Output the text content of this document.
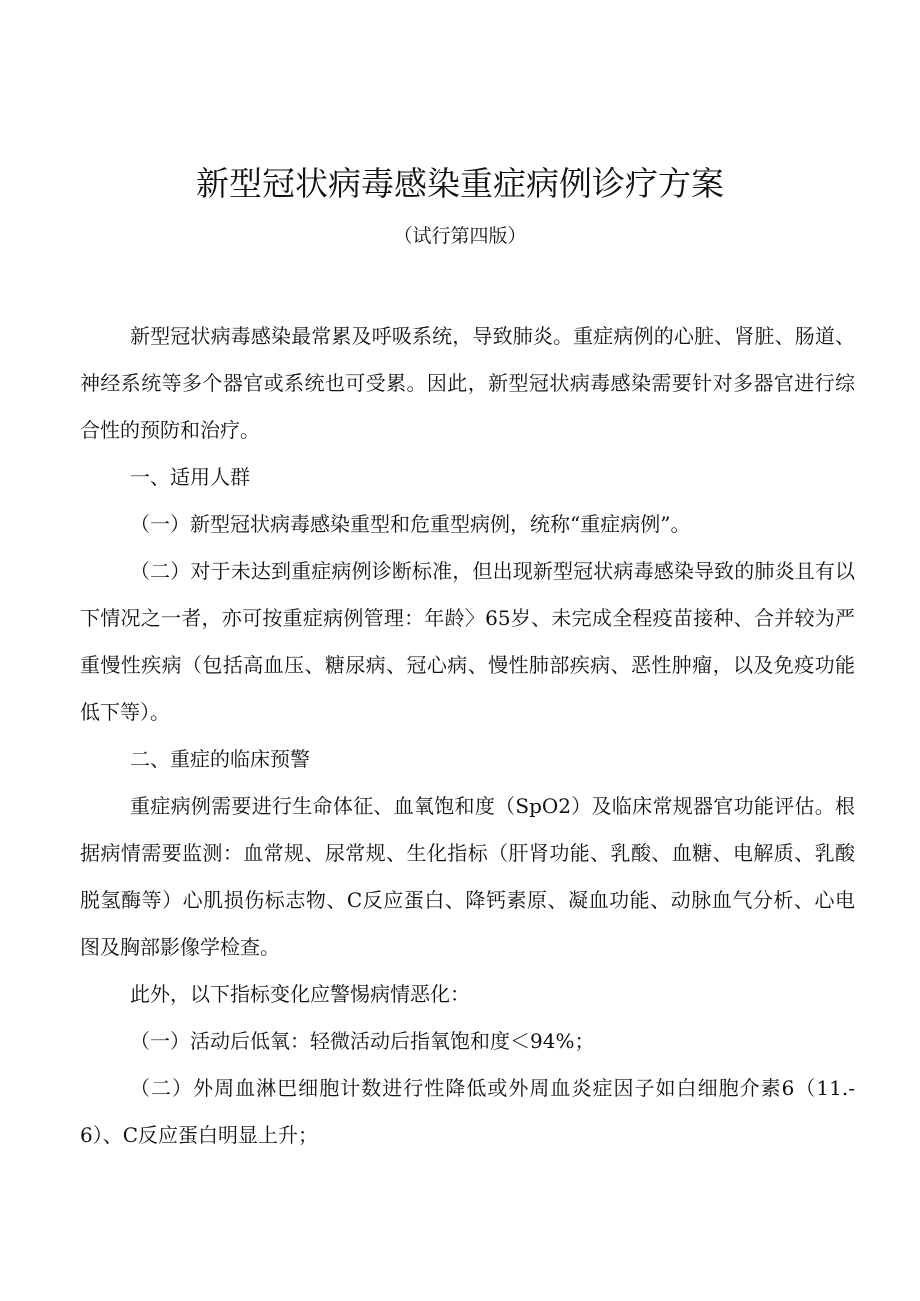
新型冠状病毒感染重症病例诊疗方案
（试行第四版）

新型冠状病毒感染最常累及呼吸系统，导致肺炎。重症病例的心脏、肾脏、肠道、神经系统等多个器官或系统也可受累。因此，新型冠状病毒感染需要针对多器官进行综合性的预防和治疗。

一、适用人群

（一）新型冠状病毒感染重型和危重型病例，统称“重症病例”。

（二）对于未达到重症病例诊断标准，但出现新型冠状病毒感染导致的肺炎且有以下情况之一者，亦可按重症病例管理：年龄〉65岁、未完成全程疫苗接种、合并较为严重慢性疾病（包括高血压、糖尿病、冠心病、慢性肺部疾病、恶性肿瘤，以及免疫功能低下等）。

二、重症的临床预警

重症病例需要进行生命体征、血氧饱和度（SpO2）及临床常规器官功能评估。根据病情需要监测：血常规、尿常规、生化指标（肝肾功能、乳酸、血糖、电解质、乳酸脱氢酶等）心肌损伤标志物、C反应蛋白、降钙素原、凝血功能、动脉血气分析、心电图及胸部影像学检查。

此外，以下指标变化应警惕病情恶化：

（一）活动后低氧：轻微活动后指氧饱和度＜94%；

（二）外周血淋巴细胞计数进行性降低或外周血炎症因子如白细胞介素6（11.-6）、C反应蛋白明显上升；
